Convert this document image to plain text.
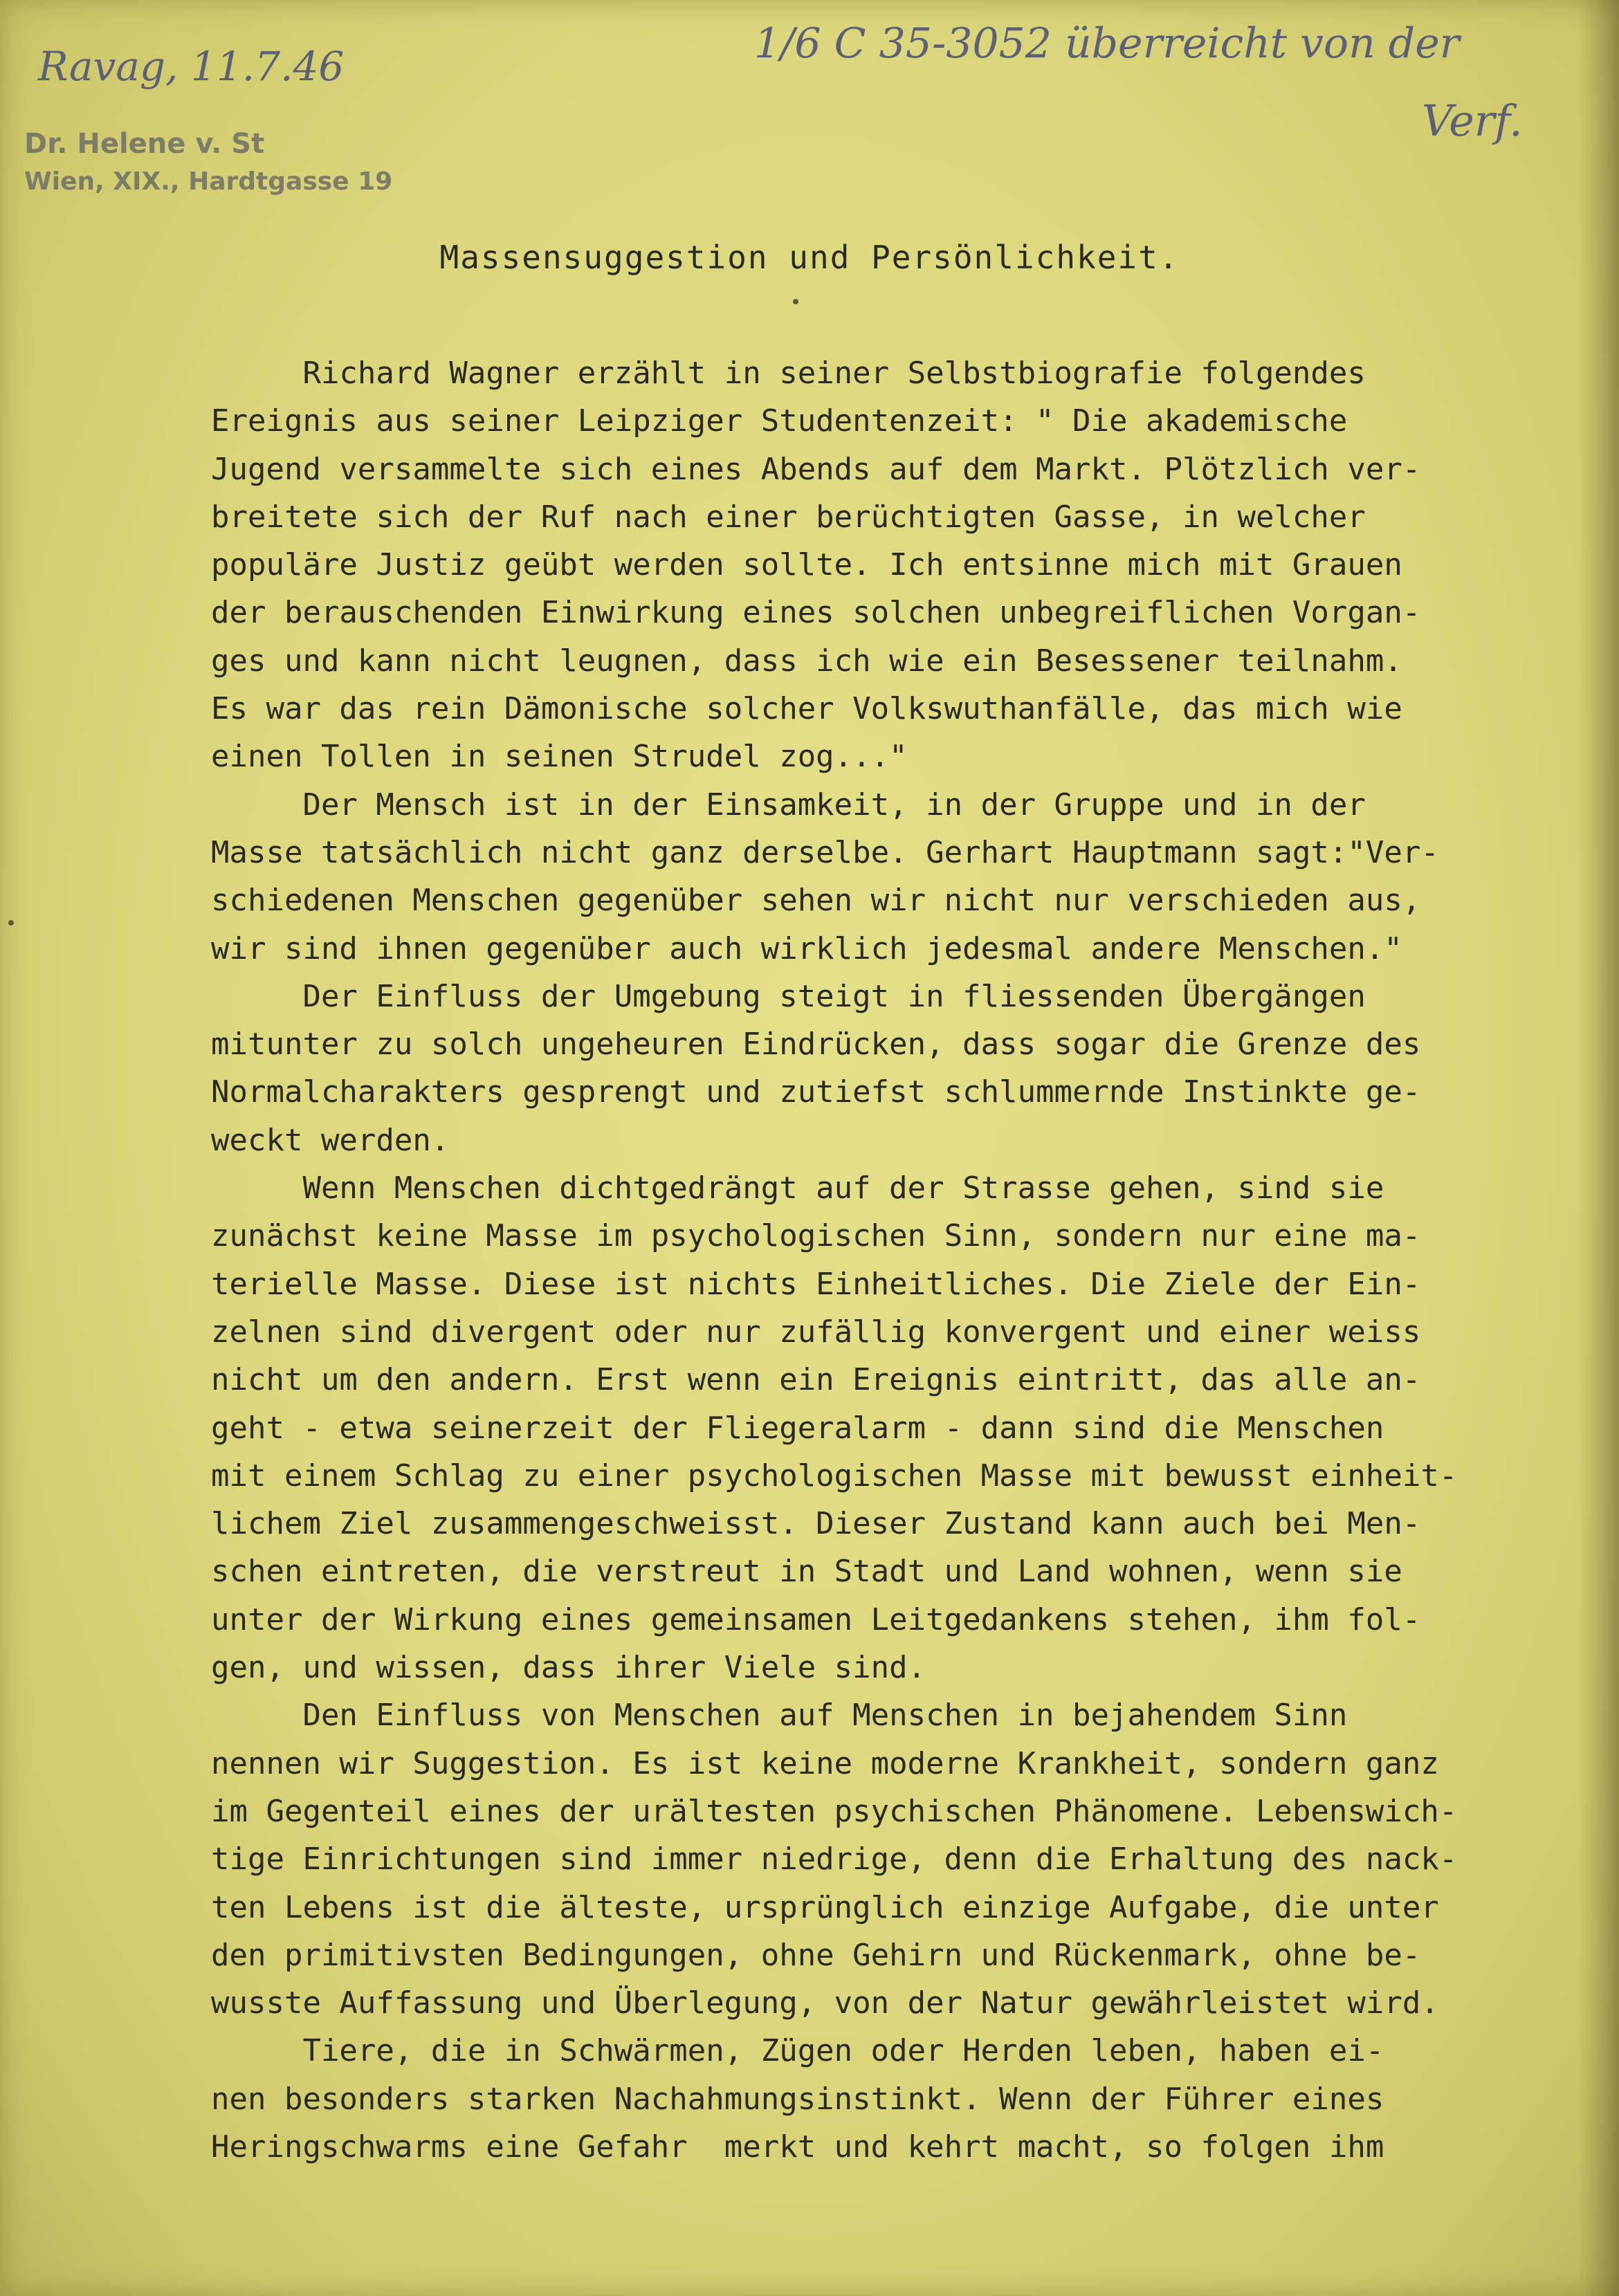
Ravag, 11.7.46	1/6 C 35-3052 überreicht von der
Verf.
Dr. Helene v. St
Wien, XIX., Hardtgasse 19
Massensuggestion und Persönlichkeit.
Richard Wagner erzählt in seiner Selbstbiografie folgendes
Ereignis aus seiner Leipziger Studentenzeit: " Die akademische
Jugend versammelte sich eines Abends auf dem Markt. Plötzlich ver-
breitete sich der Ruf nach einer berüchtigten Gasse, in welcher
populäre Justiz geübt werden sollte. Ich entsinne mich mit Grauen
der berauschenden Einwirkung eines solchen unbegreiflichen Vorgan-
ges und kann nicht leugnen, dass ich wie ein Besessener teilnahm.
Es war das rein Dämonische solcher Volkswuthanfälle, das mich wie
einen Tollen in seinen Strudel zog..."
Der Mensch ist in der Einsamkeit, in der Gruppe und in der
Masse tatsächlich nicht ganz derselbe. Gerhart Hauptmann sagt:"Ver-
schiedenen Menschen gegenüber sehen wir nicht nur verschieden aus,
wir sind ihnen gegenüber auch wirklich jedesmal andere Menschen."
Der Einfluss der Umgebung steigt in fliessenden Übergängen
mitunter zu solch ungeheuren Eindrücken, dass sogar die Grenze des
Normalcharakters gesprengt und zutiefst schlummernde Instinkte ge-
weckt werden.
Wenn Menschen dichtgedrängt auf der Strasse gehen, sind sie
zunächst keine Masse im psychologischen Sinn, sondern nur eine ma-
terielle Masse. Diese ist nichts Einheitliches. Die Ziele der Ein-
zelnen sind divergent oder nur zufällig konvergent und einer weiss
nicht um den andern. Erst wenn ein Ereignis eintritt, das alle an-
geht - etwa seinerzeit der Fliegeralarm - dann sind die Menschen
mit einem Schlag zu einer psychologischen Masse mit bewusst einheit-
lichem Ziel zusammengeschweisst. Dieser Zustand kann auch bei Men-
schen eintreten, die verstreut in Stadt und Land wohnen, wenn sie
unter der Wirkung eines gemeinsamen Leitgedankens stehen, ihm fol-
gen, und wissen, dass ihrer Viele sind.
Den Einfluss von Menschen auf Menschen in bejahendem Sinn
nennen wir Suggestion. Es ist keine moderne Krankheit, sondern ganz
im Gegenteil eines der urältesten psychischen Phänomene. Lebenswich-
tige Einrichtungen sind immer niedrige, denn die Erhaltung des nack-
ten Lebens ist die älteste, ursprünglich einzige Aufgabe, die unter
den primitivsten Bedingungen, ohne Gehirn und Rückenmark, ohne be-
wusste Auffassung und Überlegung, von der Natur gewährleistet wird.
Tiere, die in Schwärmen, Zügen oder Herden leben, haben ei-
nen besonders starken Nachahmungsinstinkt. Wenn der Führer eines
Heringschwarms eine Gefahr  merkt und kehrt macht, so folgen ihm
